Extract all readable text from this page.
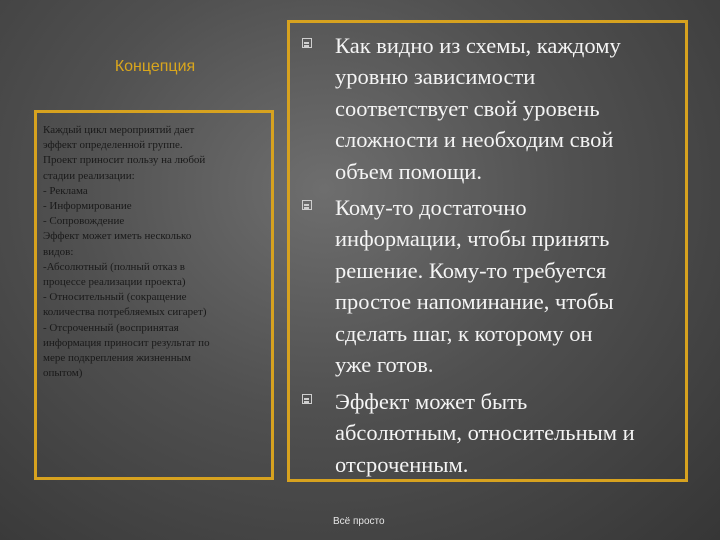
Концепция
Каждый цикл мероприятий дает
эффект определенной группе.
Проект приносит пользу на любой
стадии реализации:
- Реклама
- Информирование
- Сопровождение
Эффект может иметь несколько
видов:
-Абсолютный (полный отказ в
процессе реализации проекта)
- Относительный (сокращение
количества потребляемых сигарет)
- Отсроченный (воспринятая
информация приносит результат по
мере подкрепления жизненным
опытом)
Как видно из схемы, каждому
уровню зависимости
соответствует свой уровень
сложности и необходим свой
объем помощи.
Кому-то достаточно
информации, чтобы принять
решение. Кому-то требуется
простое напоминание, чтобы
сделать шаг, к которому он
уже готов.
Эффект может быть
абсолютным, относительным и
отсроченным.
Всё просто
